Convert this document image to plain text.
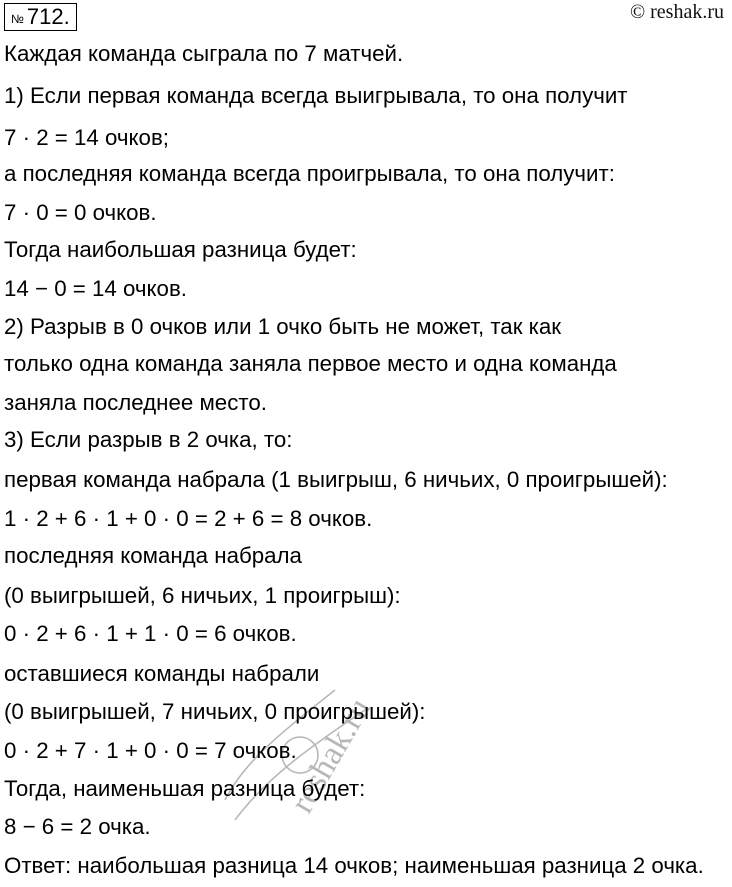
№ 712.	© reshak.ru
Каждая команда сыграла по 7 матчей.
1) Если первая команда всегда выигрывала, то она получит
7 · 2 = 14 очков;
а последняя команда всегда проигрывала, то она получит:
7 · 0 = 0 очков.
Тогда наибольшая разница будет:
14 − 0 = 14 очков.
2) Разрыв в 0 очков или 1 очко быть не может, так как
только одна команда заняла первое место и одна команда
заняла последнее место.
3) Если разрыв в 2 очка, то:
первая команда набрала (1 выигрыш, 6 ничьих, 0 проигрышей):
1 · 2 + 6 · 1 + 0 · 0 = 2 + 6 = 8 очков.
последняя команда набрала
(0 выигрышей, 6 ничьих, 1 проигрыш):
0 · 2 + 6 · 1 + 1 · 0 = 6 очков.
оставшиеся команды набрали
(0 выигрышей, 7 ничьих, 0 проигрышей):
0 · 2 + 7 · 1 + 0 · 0 = 7 очков.
Тогда, наименьшая разница будет:
8 − 6 = 2 очка.
Ответ: наибольшая разница 14 очков; наименьшая разница 2 очка.
reshak.ru
